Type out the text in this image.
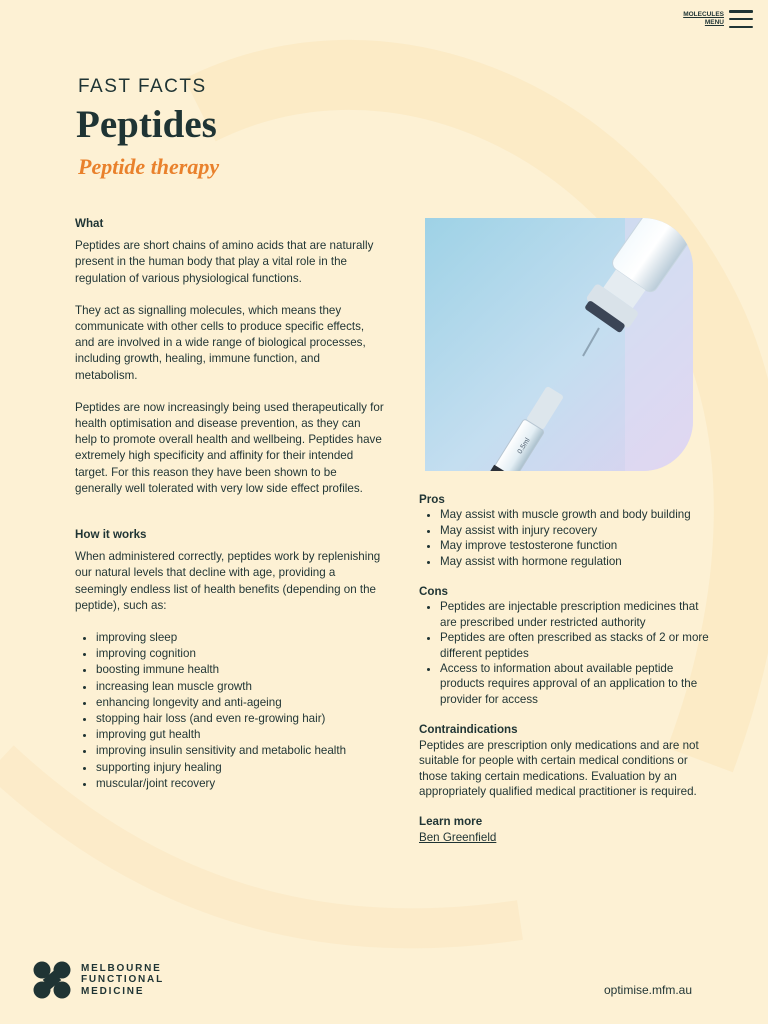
MOLECULES
MENU
FAST FACTS
Peptides
Peptide therapy
What

Peptides are short chains of amino acids that are naturally present in the human body that play a vital role in the regulation of various physiological functions.

They act as signalling molecules, which means they communicate with other cells to produce specific effects, and are involved in a wide range of biological processes, including growth, healing, immune function, and metabolism.

Peptides are now increasingly being used therapeutically for health optimisation and disease prevention, as they can help to promote overall health and wellbeing. Peptides have extremely high specificity and affinity for their intended target. For this reason they have been shown to be generally well tolerated with very low side effect profiles.

How it works

When administered correctly, peptides work by replenishing our natural levels that decline with age, providing a seemingly endless list of health benefits (depending on the peptide), such as:

• improving sleep
• improving cognition
• boosting immune health
• increasing lean muscle growth
• enhancing longevity and anti-ageing
• stopping hair loss (and even re-growing hair)
• improving gut health
• improving insulin sensitivity and metabolic health
• supporting injury healing
• muscular/joint recovery
0.5ml
Pros
• May assist with muscle growth and body building
• May assist with injury recovery
• May improve testosterone function
• May assist with hormone regulation
Cons
• Peptides are injectable prescription medicines that are prescribed under restricted authority
• Peptides are often prescribed as stacks of 2 or more different peptides
• Access to information about available peptide products requires approval of an application to the provider for access
Contraindications

Peptides are prescription only medications and are not suitable for people with certain medical conditions or those taking certain medications. Evaluation by an appropriately qualified medical practitioner is required.

Learn more
Ben Greenfield
MELBOURNE
FUNCTIONAL
MEDICINE	optimise.mfm.au
